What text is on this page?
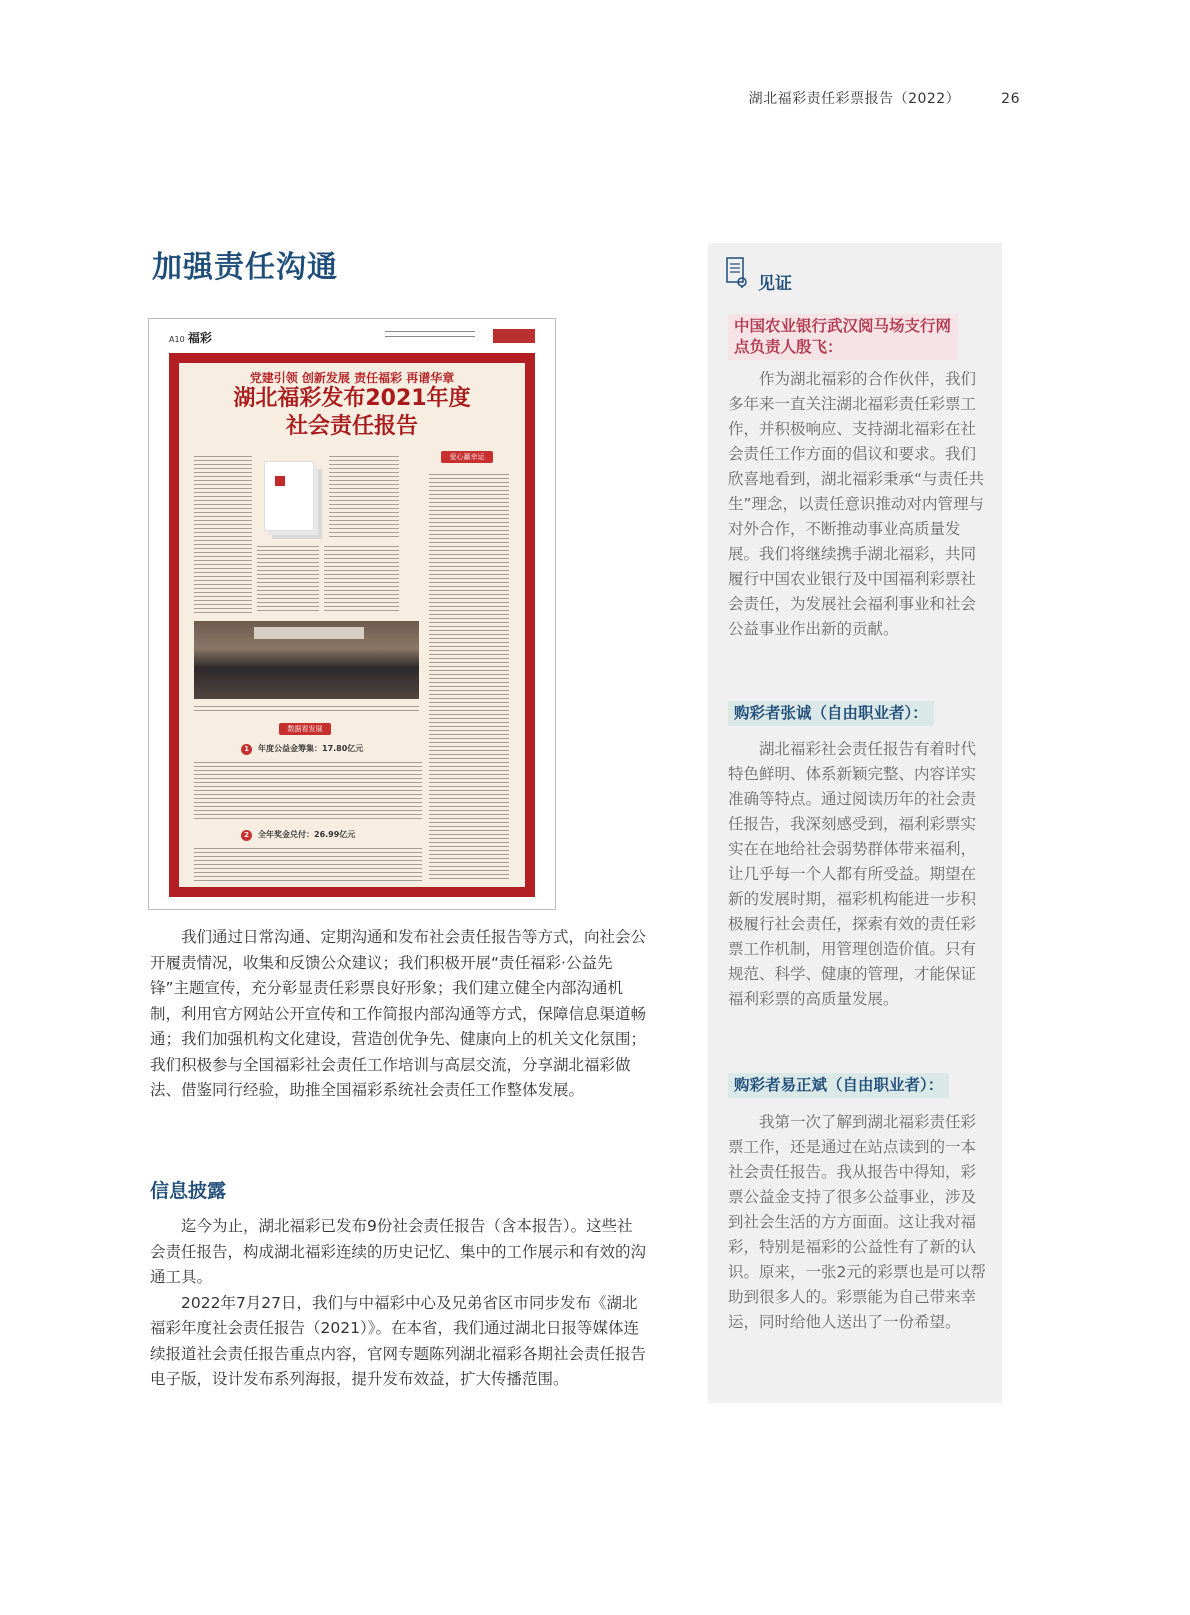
湖北福彩责任彩票报告（2022）	26
加强责任沟通
A10 福彩
党建引领 创新发展 责任福彩 再谱华章
湖北福彩发布2021年度
社会责任报告
爱心赢幸运
数据看发展
1 年度公益金筹集：17.80亿元
2 全年奖金兑付：26.99亿元

我们通过日常沟通、定期沟通和发布社会责任报告等方式，向社会公开履责情况，收集和反馈公众建议；我们积极开展“责任福彩·公益先锋”主题宣传，充分彰显责任彩票良好形象；我们建立健全内部沟通机制，利用官方网站公开宣传和工作简报内部沟通等方式，保障信息渠道畅通；我们加强机构文化建设，营造创优争先、健康向上的机关文化氛围；我们积极参与全国福彩社会责任工作培训与高层交流，分享湖北福彩做法、借鉴同行经验，助推全国福彩系统社会责任工作整体发展。

信息披露

迄今为止，湖北福彩已发布9份社会责任报告（含本报告）。这些社会责任报告，构成湖北福彩连续的历史记忆、集中的工作展示和有效的沟通工具。

2022年7月27日，我们与中福彩中心及兄弟省区市同步发布《湖北福彩年度社会责任报告（2021）》。在本省，我们通过湖北日报等媒体连续报道社会责任报告重点内容，官网专题陈列湖北福彩各期社会责任报告电子版，设计发布系列海报，提升发布效益，扩大传播范围。

见证
中国农业银行武汉阅马场支行网点负责人殷飞：

作为湖北福彩的合作伙伴，我们多年来一直关注湖北福彩责任彩票工作，并积极响应、支持湖北福彩在社会责任工作方面的倡议和要求。我们欣喜地看到，湖北福彩秉承“与责任共生”理念，以责任意识推动对内管理与对外合作，不断推动事业高质量发展。我们将继续携手湖北福彩，共同履行中国农业银行及中国福利彩票社会责任，为发展社会福利事业和社会公益事业作出新的贡献。

购彩者张诚（自由职业者）：

湖北福彩社会责任报告有着时代特色鲜明、体系新颖完整、内容详实准确等特点。通过阅读历年的社会责任报告，我深刻感受到，福利彩票实实在在地给社会弱势群体带来福利，让几乎每一个人都有所受益。期望在新的发展时期，福彩机构能进一步积极履行社会责任，探索有效的责任彩票工作机制，用管理创造价值。只有规范、科学、健康的管理，才能保证福利彩票的高质量发展。

购彩者易正斌（自由职业者）：

我第一次了解到湖北福彩责任彩票工作，还是通过在站点读到的一本社会责任报告。我从报告中得知，彩票公益金支持了很多公益事业，涉及到社会生活的方方面面。这让我对福彩，特别是福彩的公益性有了新的认识。原来，一张2元的彩票也是可以帮助到很多人的。彩票能为自己带来幸运，同时给他人送出了一份希望。
